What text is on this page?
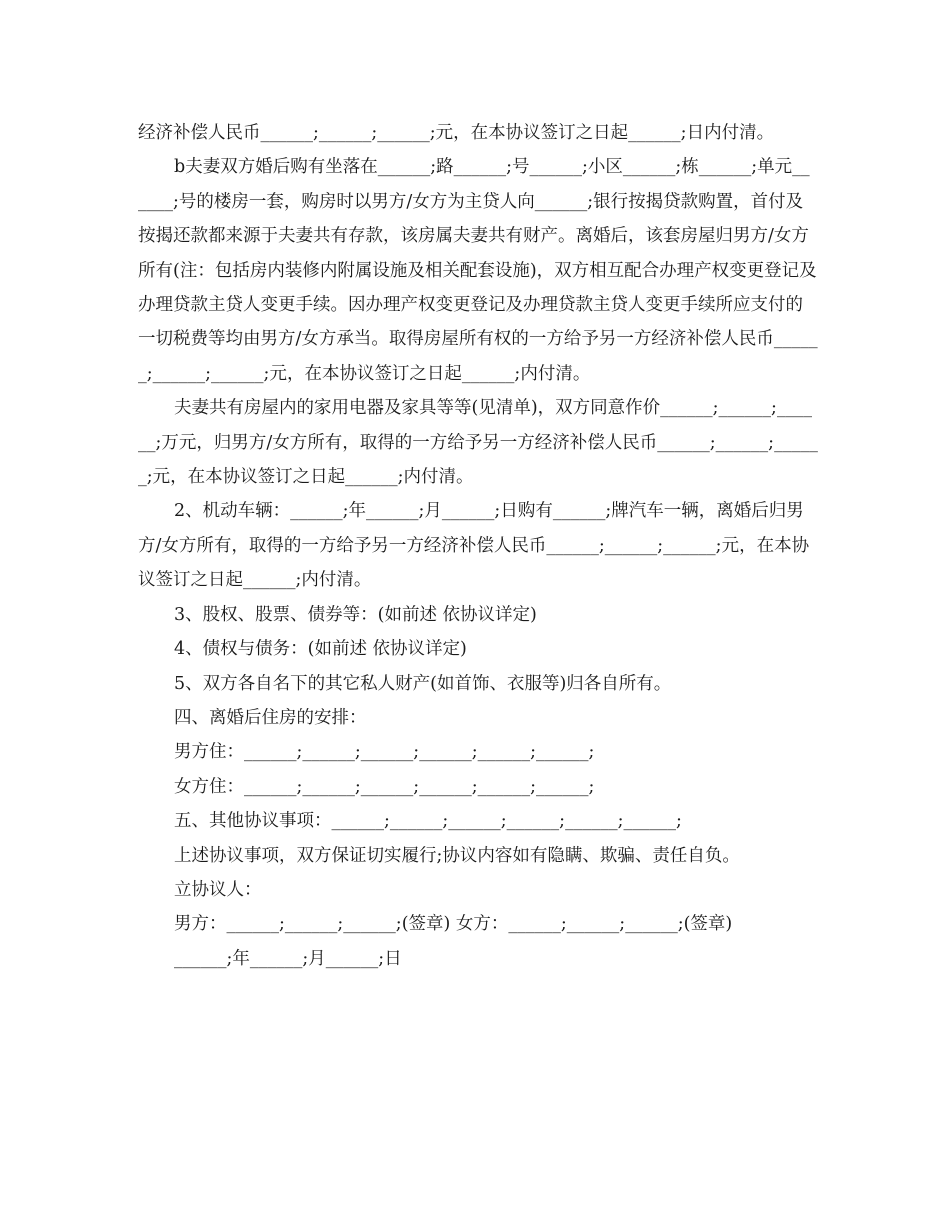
经济补偿人民币______;______;______;元，在本协议签订之日起______;日内付清。

b夫妻双方婚后购有坐落在______;路______;号______;小区______;栋______;单元______;号的楼房一套，购房时以男方/女方为主贷人向______;银行按揭贷款购置，首付及按揭还款都来源于夫妻共有存款，该房属夫妻共有财产。离婚后，该套房屋归男方/女方所有(注：包括房内装修内附属设施及相关配套设施)，双方相互配合办理产权变更登记及办理贷款主贷人变更手续。因办理产权变更登记及办理贷款主贷人变更手续所应支付的一切税费等均由男方/女方承当。取得房屋所有权的一方给予另一方经济补偿人民币______;______;______;元，在本协议签订之日起______;内付清。

夫妻共有房屋内的家用电器及家具等等(见清单)，双方同意作价______;______;______;万元，归男方/女方所有，取得的一方给予另一方经济补偿人民币______;______;______;元，在本协议签订之日起______;内付清。

2、机动车辆：______;年______;月______;日购有______;牌汽车一辆，离婚后归男方/女方所有，取得的一方给予另一方经济补偿人民币______;______;______;元，在本协议签订之日起______;内付清。

3、股权、股票、债券等：(如前述 依协议详定)

4、债权与债务：(如前述 依协议详定)

5、双方各自名下的其它私人财产(如首饰、衣服等)归各自所有。

四、离婚后住房的安排：

男方住：______;______;______;______;______;______;

女方住：______;______;______;______;______;______;

五、其他协议事项：______;______;______;______;______;______;

上述协议事项，双方保证切实履行;协议内容如有隐瞒、欺骗、责任自负。

立协议人：

男方：______;______;______;(签章) 女方：______;______;______;(签章)

______;年______;月______;日
